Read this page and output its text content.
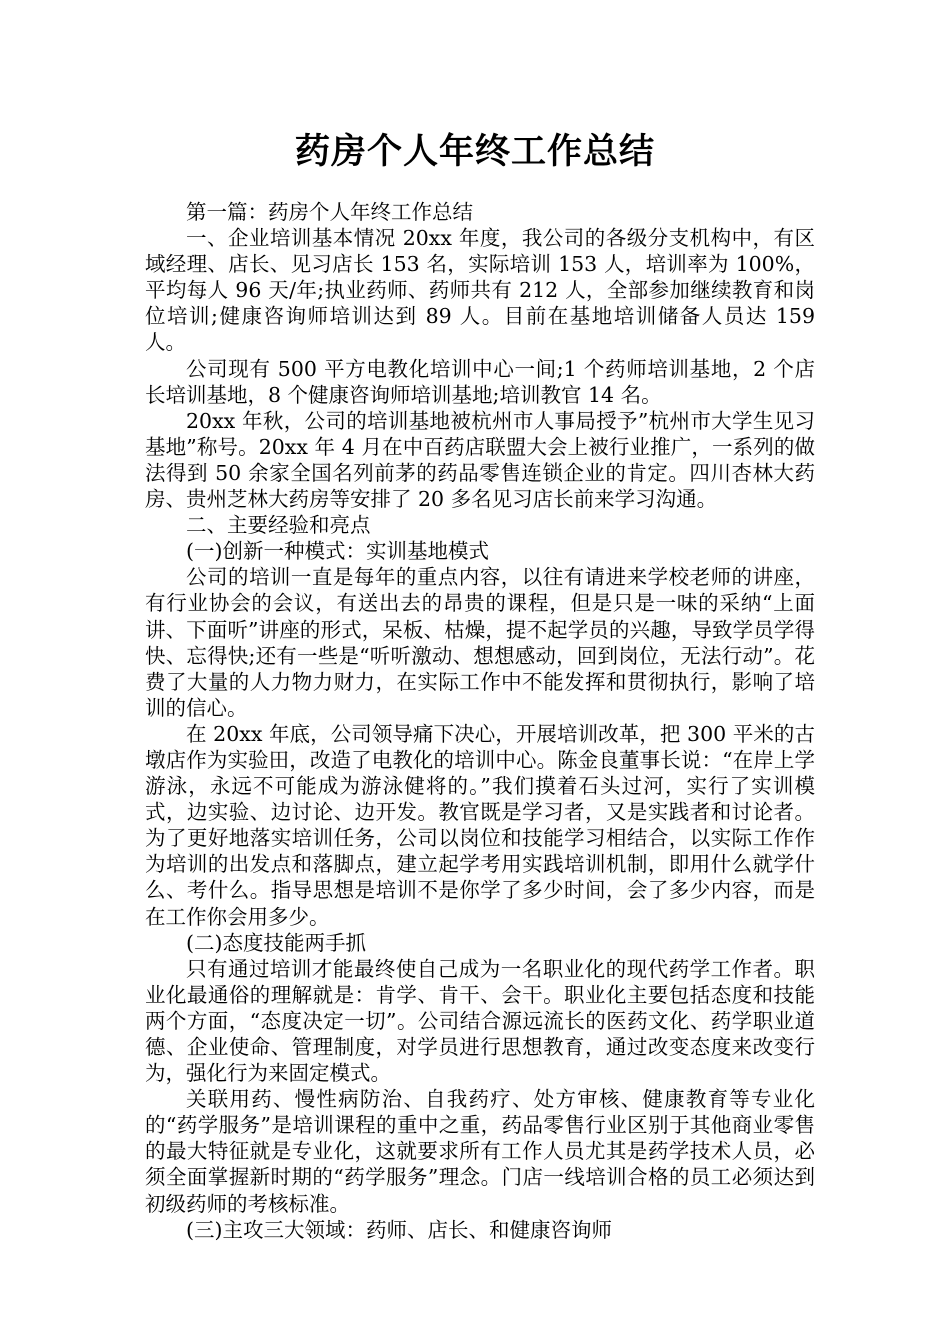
药房个人年终工作总结

第一篇：药房个人年终工作总结

一、企业培训基本情况 20xx 年度，我公司的各级分支机构中，有区域经理、店长、见习店长 153 名，实际培训 153 人，培训率为 100%，平均每人 96 天/年;执业药师、药师共有 212 人，全部参加继续教育和岗位培训;健康咨询师培训达到 89 人。目前在基地培训储备人员达 159 人。

公司现有 500 平方电教化培训中心一间;1 个药师培训基地，2 个店长培训基地，8 个健康咨询师培训基地;培训教官 14 名。

20xx 年秋，公司的培训基地被杭州市人事局授予”杭州市大学生见习基地”称号。20xx 年 4 月在中百药店联盟大会上被行业推广，一系列的做法得到 50 余家全国名列前茅的药品零售连锁企业的肯定。四川杏林大药房、贵州芝林大药房等安排了 20 多名见习店长前来学习沟通。

二、主要经验和亮点

(一)创新一种模式：实训基地模式

公司的培训一直是每年的重点内容，以往有请进来学校老师的讲座，有行业协会的会议，有送出去的昂贵的课程，但是只是一味的采纳“上面讲、下面听”讲座的形式，呆板、枯燥，提不起学员的兴趣，导致学员学得快、忘得快;还有一些是“听听激动、想想感动，回到岗位，无法行动”。花费了大量的人力物力财力，在实际工作中不能发挥和贯彻执行，影响了培训的信心。

在 20xx 年底，公司领导痛下决心，开展培训改革，把 300 平米的古墩店作为实验田，改造了电教化的培训中心。陈金良董事长说：“在岸上学游泳，永远不可能成为游泳健将的。”我们摸着石头过河，实行了实训模式，边实验、边讨论、边开发。教官既是学习者，又是实践者和讨论者。为了更好地落实培训任务，公司以岗位和技能学习相结合，以实际工作作为培训的出发点和落脚点，建立起学考用实践培训机制，即用什么就学什么、考什么。指导思想是培训不是你学了多少时间，会了多少内容，而是在工作你会用多少。

(二)态度技能两手抓

只有通过培训才能最终使自己成为一名职业化的现代药学工作者。职业化最通俗的理解就是：肯学、肯干、会干。职业化主要包括态度和技能两个方面，“态度决定一切”。公司结合源远流长的医药文化、药学职业道德、企业使命、管理制度，对学员进行思想教育，通过改变态度来改变行为，强化行为来固定模式。

关联用药、慢性病防治、自我药疗、处方审核、健康教育等专业化的“药学服务”是培训课程的重中之重，药品零售行业区别于其他商业零售的最大特征就是专业化，这就要求所有工作人员尤其是药学技术人员，必须全面掌握新时期的“药学服务”理念。门店一线培训合格的员工必须达到初级药师的考核标准。

(三)主攻三大领域：药师、店长、和健康咨询师
